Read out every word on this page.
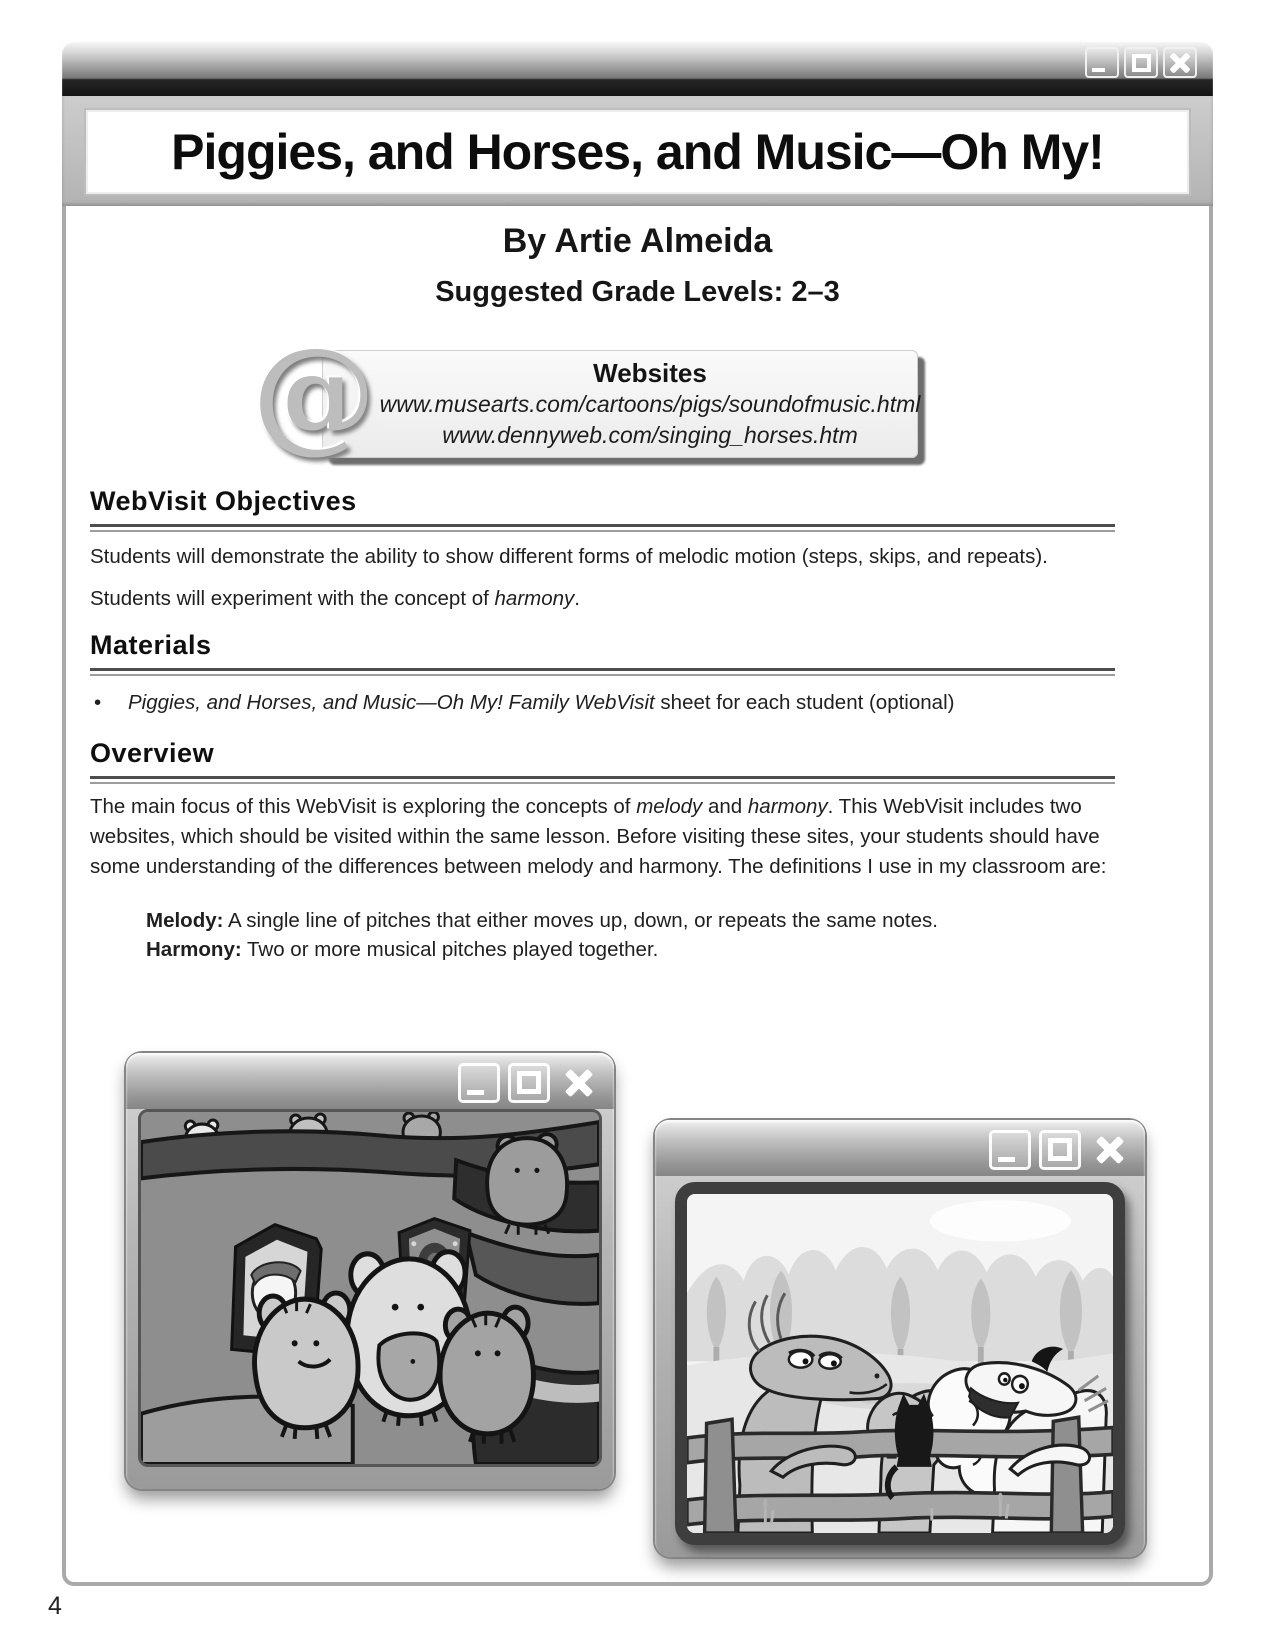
Piggies, and Horses, and Music—Oh My!
By Artie Almeida
Suggested Grade Levels: 2–3
@	Websites
www.musearts.com/cartoons/pigs/soundofmusic.html
www.dennyweb.com/singing_horses.htm
WebVisit Objectives
Students will demonstrate the ability to show different forms of melodic motion (steps, skips, and repeats).
Students will experiment with the concept of harmony.
Materials
• Piggies, and Horses, and Music—Oh My! Family WebVisit sheet for each student (optional)
Overview
The main focus of this WebVisit is exploring the concepts of melody and harmony. This WebVisit includes two websites, which should be visited within the same lesson. Before visiting these sites, your students should have some understanding of the differences between melody and harmony. The definitions I use in my classroom are:
Melody: A single line of pitches that either moves up, down, or repeats the same notes.
Harmony: Two or more musical pitches played together.
4
